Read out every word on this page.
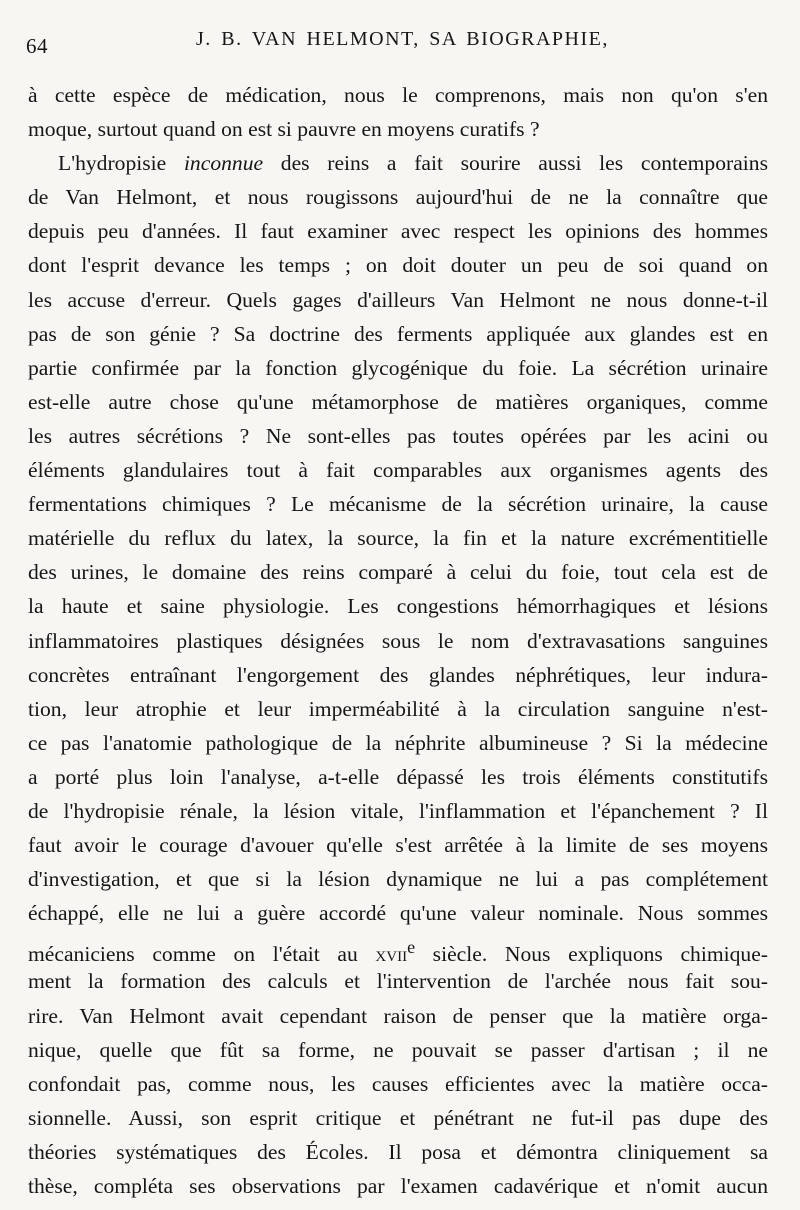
64	J. B. VAN HELMONT, SA BIOGRAPHIE,
à cette espèce de médication, nous le comprenons, mais non qu'on s'en
moque, surtout quand on est si pauvre en moyens curatifs ?
L'hydropisie inconnue des reins a fait sourire aussi les contemporains
de Van Helmont, et nous rougissons aujourd'hui de ne la connaître que
depuis peu d'années. Il faut examiner avec respect les opinions des hommes
dont l'esprit devance les temps ; on doit douter un peu de soi quand on
les accuse d'erreur. Quels gages d'ailleurs Van Helmont ne nous donne-t-il
pas de son génie ? Sa doctrine des ferments appliquée aux glandes est en
partie confirmée par la fonction glycogénique du foie. La sécrétion urinaire
est-elle autre chose qu'une métamorphose de matières organiques, comme
les autres sécrétions ? Ne sont-elles pas toutes opérées par les acini ou
éléments glandulaires tout à fait comparables aux organismes agents des
fermentations chimiques ? Le mécanisme de la sécrétion urinaire, la cause
matérielle du reflux du latex, la source, la fin et la nature excrémentitielle
des urines, le domaine des reins comparé à celui du foie, tout cela est de
la haute et saine physiologie. Les congestions hémorrhagiques et lésions
inflammatoires plastiques désignées sous le nom d'extravasations sanguines
concrètes entraînant l'engorgement des glandes néphrétiques, leur indura-
tion, leur atrophie et leur imperméabilité à la circulation sanguine n'est-
ce pas l'anatomie pathologique de la néphrite albumineuse ? Si la médecine
a porté plus loin l'analyse, a-t-elle dépassé les trois éléments constitutifs
de l'hydropisie rénale, la lésion vitale, l'inflammation et l'épanchement ? Il
faut avoir le courage d'avouer qu'elle s'est arrêtée à la limite de ses moyens
d'investigation, et que si la lésion dynamique ne lui a pas complétement
échappé, elle ne lui a guère accordé qu'une valeur nominale. Nous sommes
mécaniciens comme on l'était au xvii$^e$ siècle. Nous expliquons chimique-
ment la formation des calculs et l'intervention de l'archée nous fait sou-
rire. Van Helmont avait cependant raison de penser que la matière orga-
nique, quelle que fût sa forme, ne pouvait se passer d'artisan ; il ne
confondait pas, comme nous, les causes efficientes avec la matière occa-
sionnelle. Aussi, son esprit critique et pénétrant ne fut-il pas dupe des
théories systématiques des Écoles. Il posa et démontra cliniquement sa
thèse, compléta ses observations par l'examen cadavérique et n'omit aucun
